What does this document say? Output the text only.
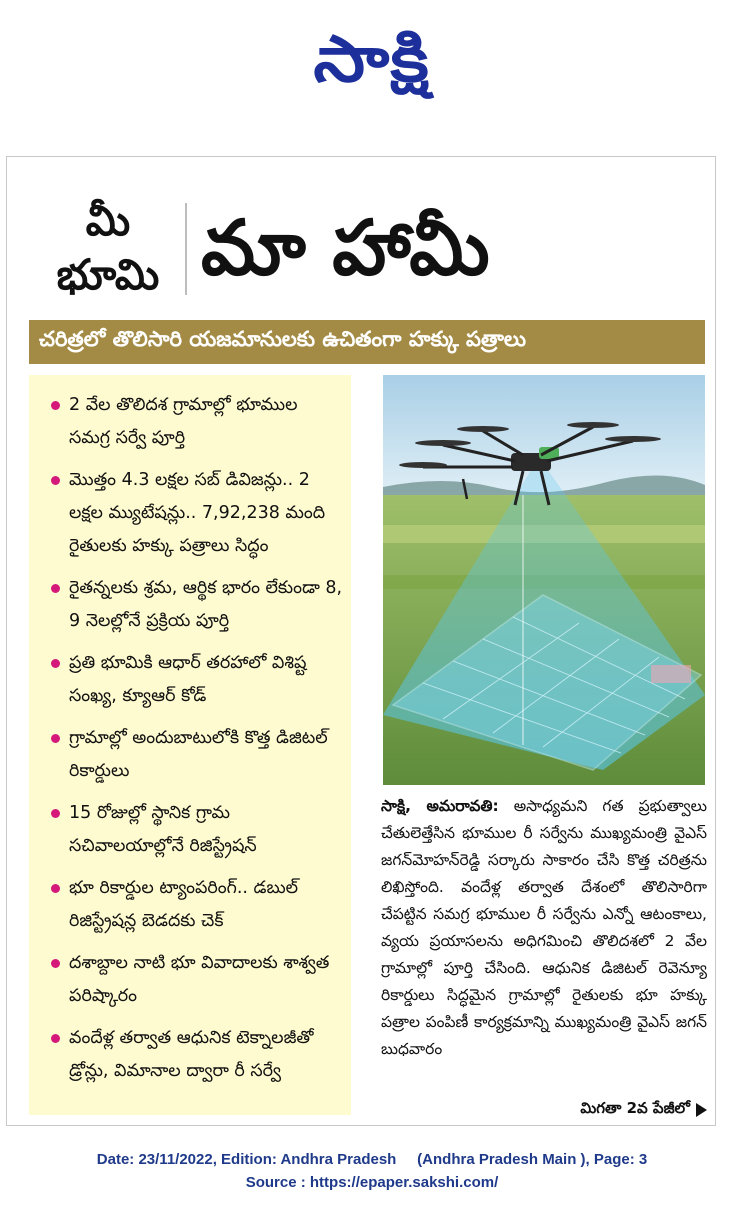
సాక్షి
మీ
భూమి మా హామీ
చరిత్రలో తొలిసారి యజమానులకు ఉచితంగా హక్కు పత్రాలు
2 వేల తొలిదశ గ్రామాల్లో భూముల సమగ్ర సర్వే పూర్తి
మొత్తం 4.3 లక్షల సబ్ డివిజన్లు.. 2 లక్షల మ్యుటేషన్లు.. 7,92,238 మంది రైతులకు హక్కు పత్రాలు సిద్ధం
రైతన్నలకు శ్రమ, ఆర్థిక భారం లేకుండా 8, 9 నెలల్లోనే ప్రక్రియ పూర్తి
ప్రతి భూమికి ఆధార్ తరహాలో విశిష్ట సంఖ్య, క్యూఆర్ కోడ్
గ్రామాల్లో అందుబాటులోకి కొత్త డిజిటల్ రికార్డులు
15 రోజుల్లో స్థానిక గ్రామ సచివాలయాల్లోనే రిజిస్ట్రేషన్
భూ రికార్డుల ట్యాంపరింగ్.. డబుల్ రిజిస్ట్రేషన్ల బెడదకు చెక్
దశాబ్దాల నాటి భూ వివాదాలకు శాశ్వత పరిష్కారం
వందేళ్ల తర్వాత ఆధునిక టెక్నాలజీతో డ్రోన్లు, విమానాల ద్వారా రీ సర్వే
సాక్షి, అమరావతి: అసాధ్యమని గత ప్రభుత్వాలు చేతులెత్తేసిన భూముల రీ సర్వేను ముఖ్యమంత్రి వైఎస్ జగన్‌మోహన్‌రెడ్డి సర్కారు సాకారం చేసి కొత్త చరిత్రను లిఖిస్తోంది. వందేళ్ల తర్వాత దేశంలో తొలిసారిగా చేపట్టిన సమగ్ర భూముల రీ సర్వేను ఎన్నో ఆటంకాలు, వ్యయ ప్రయాసలను అధిగమించి తొలిదశలో 2 వేల గ్రామాల్లో పూర్తి చేసింది. ఆధునిక డిజిటల్ రెవెన్యూ రికార్డులు సిద్ధమైన గ్రామాల్లో రైతులకు భూ హక్కు పత్రాల పంపిణీ కార్యక్రమాన్ని ముఖ్యమంత్రి వైఎస్ జగన్ బుధవారం
మిగతా 2వ పేజీలో
Date: 23/11/2022, Edition: Andhra Pradesh     (Andhra Pradesh Main ), Page: 3
Source : https://epaper.sakshi.com/
